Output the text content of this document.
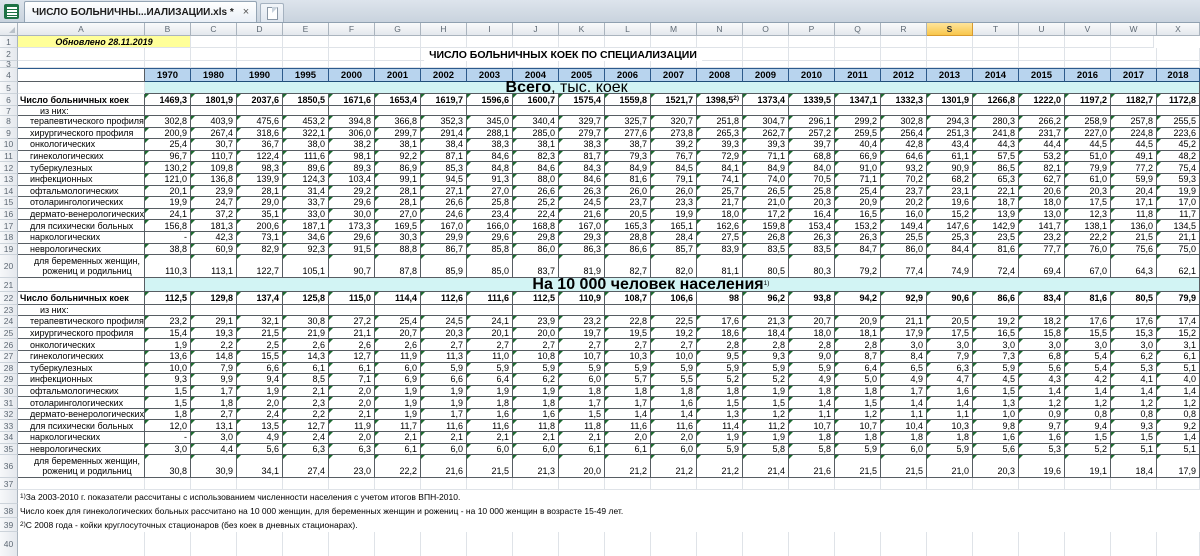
ЧИСЛО БОЛЬНИЧНЫ...ИАЛИЗАЦИИ.xls * ×
A	B	C	D	E	F	G	H	I	J	K	L	M	N	O	P	Q	R	S	T	U	V	W	X
1	Обновлено 28.11.2019
2	ЧИСЛО БОЛЬНИЧНЫХ КОЕК ПО СПЕЦИАЛИЗАЦИИ
3
4	1970	1980	1990	1995	2000	2001	2002	2003	2004	2005	2006	2007	2008	2009	2010	2011	2012	2013	2014	2015	2016	2017	2018
5	Всего , тыс. коек
6	Число больничных коек	1469,3	1801,9	2037,6	1850,5	1671,6	1653,4	1619,7	1596,6	1600,7	1575,4	1559,8	1521,7	1398,5 2)	1373,4	1339,5	1347,1	1332,3	1301,9	1266,8	1222,0	1197,2	1182,7	1172,8
7	из них:
8	терапевтического профиля	302,8	403,9	475,6	453,2	394,8	366,8	352,3	345,0	340,4	329,7	325,7	320,7	251,8	304,7	296,1	299,2	302,8	294,3	280,3	266,2	258,9	257,8	255,5
9	хирургического профиля	200,9	267,4	318,6	322,1	306,0	299,7	291,4	288,1	285,0	279,7	277,6	273,8	265,3	262,7	257,2	259,5	256,4	251,3	241,8	231,7	227,0	224,8	223,6
10	онкологических	25,4	30,7	36,7	38,0	38,2	38,1	38,4	38,3	38,1	38,3	38,7	39,2	39,3	39,3	39,7	40,4	42,8	43,4	44,3	44,4	44,5	44,5	45,2
11	гинекологических	96,7	110,7	122,4	111,6	98,1	92,2	87,1	84,6	82,3	81,7	79,3	76,7	72,9	71,1	68,8	66,9	64,6	61,1	57,5	53,2	51,0	49,1	48,2
12	туберкулезных	130,2	109,8	98,3	89,6	89,3	86,9	85,3	84,8	84,6	84,3	84,9	84,5	84,1	84,9	84,0	91,0	93,2	90,9	86,5	82,1	79,9	77,2	75,4
13	инфекционных	121,0	136,8	139,9	124,3	103,4	99,1	94,5	91,3	88,0	84,6	81,6	79,1	74,1	74,0	70,5	71,1	70,2	68,2	65,3	62,7	61,0	59,9	59,3
14	офтальмологических	20,1	23,9	28,1	31,4	29,2	28,1	27,1	27,0	26,6	26,3	26,0	26,0	25,7	26,5	25,8	25,4	23,7	23,1	22,1	20,6	20,3	20,4	19,9
15	отоларингологических	19,9	24,7	29,0	33,7	29,6	28,1	26,6	25,8	25,2	24,5	23,7	23,3	21,7	21,0	20,3	20,9	20,2	19,6	18,7	18,0	17,5	17,1	17,0
16	дермато-венерологических	24,1	37,2	35,1	33,0	30,0	27,0	24,6	23,4	22,4	21,6	20,5	19,9	18,0	17,2	16,4	16,5	16,0	15,2	13,9	13,0	12,3	11,8	11,7
17	для психически больных	156,8	181,3	200,6	187,1	173,3	169,5	167,0	166,0	168,8	167,0	165,3	165,1	162,6	159,8	153,4	153,2	149,4	147,6	142,9	141,7	138,1	136,0	134,5
18	наркологических	-	42,3	73,1	34,6	29,6	30,3	29,9	29,6	29,8	29,3	28,8	28,4	27,5	26,8	26,3	26,3	25,5	25,3	23,5	23,2	22,2	21,5	21,1
19	неврологических	38,8	60,9	82,9	92,3	91,5	88,8	86,7	85,8	86,0	86,3	86,6	85,7	83,9	83,5	83,5	84,7	86,0	84,4	81,6	77,7	76,0	75,6	75,0
20	для беременных женщин,
рожениц и родильниц	110,3	113,1	122,7	105,1	90,7	87,8	85,9	85,0	83,7	81,9	82,7	82,0	81,1	80,5	80,3	79,2	77,4	74,9	72,4	69,4	67,0	64,3	62,1
21	На 10 000 человек населения 1)
22 Число больничных коек	112,5	129,8	137,4	125,8	115,0	114,4	112,6	111,6	112,5	110,9	108,7	106,6	98	96,2	93,8	94,2	92,9	90,6	86,6	83,4	81,6	80,5	79,9
23	из них:
24	терапевтического профиля	23,2	29,1	32,1	30,8	27,2	25,4	24,5	24,1	23,9	23,2	22,8	22,5	17,6	21,3	20,7	20,9	21,1	20,5	19,2	18,2	17,6	17,6	17,4
25	хирургического профиля	15,4	19,3	21,5	21,9	21,1	20,7	20,3	20,1	20,0	19,7	19,5	19,2	18,6	18,4	18,0	18,1	17,9	17,5	16,5	15,8	15,5	15,3	15,2
26	онкологических	1,9	2,2	2,5	2,6	2,6	2,6	2,7	2,7	2,7	2,7	2,7	2,7	2,8	2,8	2,8	2,8	3,0	3,0	3,0	3,0	3,0	3,0	3,1
27	гинекологических	13,6	14,8	15,5	14,3	12,7	11,9	11,3	11,0	10,8	10,7	10,3	10,0	9,5	9,3	9,0	8,7	8,4	7,9	7,3	6,8	5,4	6,2	6,1
28	туберкулезных	10,0	7,9	6,6	6,1	6,1	6,0	5,9	5,9	5,9	5,9	5,9	5,9	5,9	5,9	5,9	6,4	6,5	6,3	5,9	5,6	5,4	5,3	5,1
29	инфекционных	9,3	9,9	9,4	8,5	7,1	6,9	6,6	6,4	6,2	6,0	5,7	5,5	5,2	5,2	4,9	5,0	4,9	4,7	4,5	4,3	4,2	4,1	4,0
30	офтальмологических	1,5	1,7	1,9	2,1	2,0	1,9	1,9	1,9	1,9	1,8	1,8	1,8	1,8	1,9	1,8	1,8	1,7	1,6	1,5	1,4	1,4	1,4	1,4
31	отоларингологических	1,5	1,8	2,0	2,3	2,0	1,9	1,9	1,8	1,8	1,7	1,7	1,6	1,5	1,5	1,4	1,5	1,4	1,4	1,3	1,2	1,2	1,2	1,2
32	дермато-венерологических	1,8	2,7	2,4	2,2	2,1	1,9	1,7	1,6	1,6	1,5	1,4	1,4	1,3	1,2	1,1	1,2	1,1	1,1	1,0	0,9	0,8	0,8	0,8
33	для психически больных	12,0	13,1	13,5	12,7	11,9	11,7	11,6	11,6	11,8	11,8	11,6	11,6	11,4	11,2	10,7	10,7	10,4	10,3	9,8	9,7	9,4	9,3	9,2
34	наркологических	-	3,0	4,9	2,4	2,0	2,1	2,1	2,1	2,1	2,1	2,0	2,0	1,9	1,9	1,8	1,8	1,8	1,8	1,6	1,6	1,5	1,5	1,4
35	неврологических	3,0	4,4	5,6	6,3	6,3	6,1	6,0	6,0	6,0	6,1	6,1	6,0	5,9	5,8	5,8	5,9	6,0	5,9	5,6	5,3	5,2	5,1	5,1
36	для беременных женщин,
рожениц и родильниц	30,8	30,9	34,1	27,4	23,0	22,2	21,6	21,5	21,3	20,0	21,2	21,2	21,2	21,4	21,6	21,5	21,5	21,0	20,3	19,6	19,1	18,4	17,9
37
1) За 2003-2010 г. показатели рассчитаны с использованием численности населения с учетом итогов ВПН-2010.
38 Число коек для гинекологических больных рассчитано на 10 000 женщин, для беременных женщин и рожениц - на 10 000 женщин в возрасте 15-49 лет.
39	2) С 2008 года - койки круглосуточных стационаров (без коек в дневных стационарах).
40
